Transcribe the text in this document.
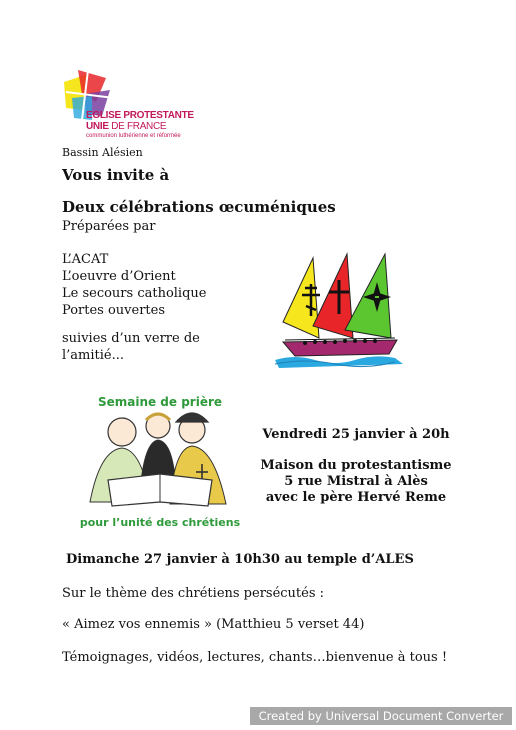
EGLISE PROTESTANTE
UNIE DE FRANCE
communion luthérienne et réformée
Bassin Alésien
Vous invite à
Deux célébrations œcuméniques
Préparées par
L’ACAT
L’oeuvre d’Orient
Le secours catholique
Portes ouvertes
suivies d’un verre de
l’amitié...
Semaine de prière
pour l’unité des chrétiens
Vendredi 25 janvier à 20h
Maison du protestantisme
5 rue Mistral à Alès
avec le père Hervé Reme
Dimanche 27 janvier à 10h30 au temple d’ALES
Sur le thème des chrétiens persécutés :
« Aimez vos ennemis » (Matthieu 5 verset 44)
Témoignages, vidéos, lectures, chants…bienvenue à tous !
Created by Universal Document Converter
